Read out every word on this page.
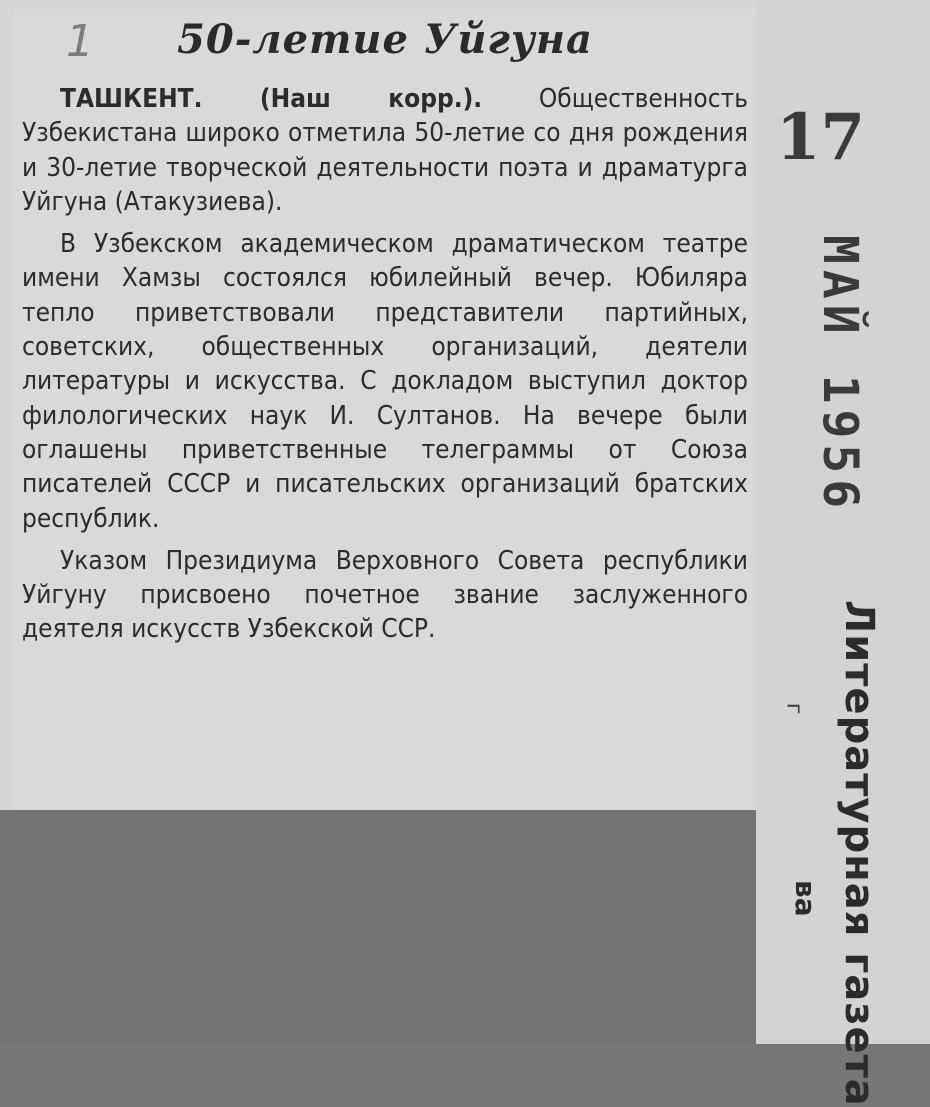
1	50-летие Уйгуна

ТАШКЕНТ. (Наш корр.). Общественность Узбекистана широко отметила 50-летие со дня рождения и 30-летие творческой деятельности поэта и драматурга Уйгуна (Атакузиева).

В Узбекском академическом драматическом театре имени Хамзы состоялся юбилейный вечер. Юбиляра тепло приветствовали представители партийных, советских, общественных организаций, деятели литературы и искусства. С докладом выступил доктор филологических наук И. Султанов. На вечере были оглашены приветственные телеграммы от Союза писателей СССР и писательских организаций братских республик.

Указом Президиума Верховного Совета республики Уйгуну присвоено почетное звание заслуженного деятеля искусств Узбекской ССР.

17
МАЙ 1956
г Литературная газета
ва
